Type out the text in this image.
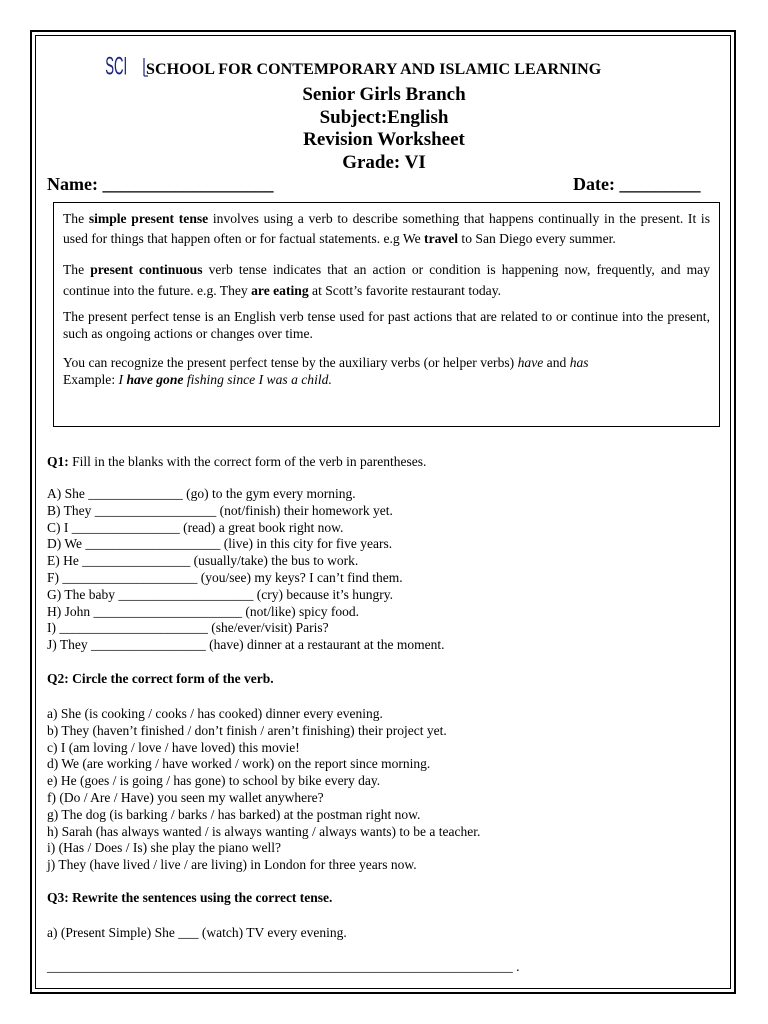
SCI SCHOOL FOR CONTEMPORARY AND ISLAMIC LEARNING
Senior Girls Branch
Subject:English
Revision Worksheet
Grade: VI
Name: ___________________	Date: _________

The simple present tense involves using a verb to describe something that happens continually in the present. It is used for things that happen often or for factual statements. e.g We travel to San Diego every summer.

The present continuous verb tense indicates that an action or condition is happening now, frequently, and may continue into the future. e.g. They are eating at Scott’s favorite restaurant today.

The present perfect tense is an English verb tense used for past actions that are related to or continue into the present, such as ongoing actions or changes over time.

You can recognize the present perfect tense by the auxiliary verbs (or helper verbs) have and has
Example: I have gone fishing since I was a child.

Q1: Fill in the blanks with the correct form of the verb in parentheses.
A) She ______________ (go) to the gym every morning.
B) They __________________ (not/finish) their homework yet.
C) I ________________ (read) a great book right now.
D) We ____________________ (live) in this city for five years.
E) He ________________ (usually/take) the bus to work.
F) ____________________ (you/see) my keys? I can’t find them.
G) The baby ____________________ (cry) because it’s hungry.
H) John ______________________ (not/like) spicy food.
I) ______________________ (she/ever/visit) Paris?
J) They _________________ (have) dinner at a restaurant at the moment.
Q2: Circle the correct form of the verb.
a) She (is cooking / cooks / has cooked) dinner every evening.
b) They (haven’t finished / don’t finish / aren’t finishing) their project yet.
c) I (am loving / love / have loved) this movie!
d) We (are working / have worked / work) on the report since morning.
e) He (goes / is going / has gone) to school by bike every day.
f) (Do / Are / Have) you seen my wallet anywhere?
g) The dog (is barking / barks / has barked) at the postman right now.
h) Sarah (has always wanted / is always wanting / always wants) to be a teacher.
i) (Has / Does / Is) she play the piano well?
j) They (have lived / live / are living) in London for three years now.
Q3: Rewrite the sentences using the correct tense.
a) (Present Simple) She ___ (watch) TV every evening.
_____________________________________________________________________ .
